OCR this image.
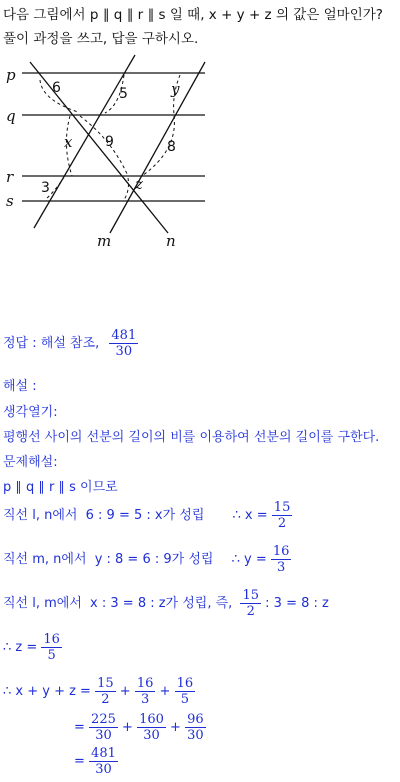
다음 그림에서 p ∥ q ∥ r ∥ s 일 때, x + y + z 의 값은 얼마인가?
풀이 과정을 쓰고, 답을 구하시오.
p
q
r
s
m	n
6	5	y
x 9	8
3	z
정답 : 해설 참조, $\frac{481}{30}$
해설 :
생각열기:
평행선 사이의 선분의 길이의 비를 이용하여 선분의 길이를 구한다.
문제해설:
p ∥ q ∥ r ∥ s 이므로
직선 l, n에서 6 : 9 = 5 : x가 성립 ∴ $x = \frac{15}{2}$
직선 m, n에서 y : 8 = 6 : 9가 성립 ∴ $y = \frac{16}{3}$
직선 l, m에서 x : 3 = 8 : z가 성립, 즉, $\frac{15}{2}$ : 3 = 8 : z
∴ $z = \frac{16}{5}$
∴ $x + y + z = \frac{15}{2} + \frac{16}{3} + \frac{16}{5}$
= $\frac{225}{30} + \frac{160}{30} + \frac{96}{30}$
= $\frac{481}{30}$
